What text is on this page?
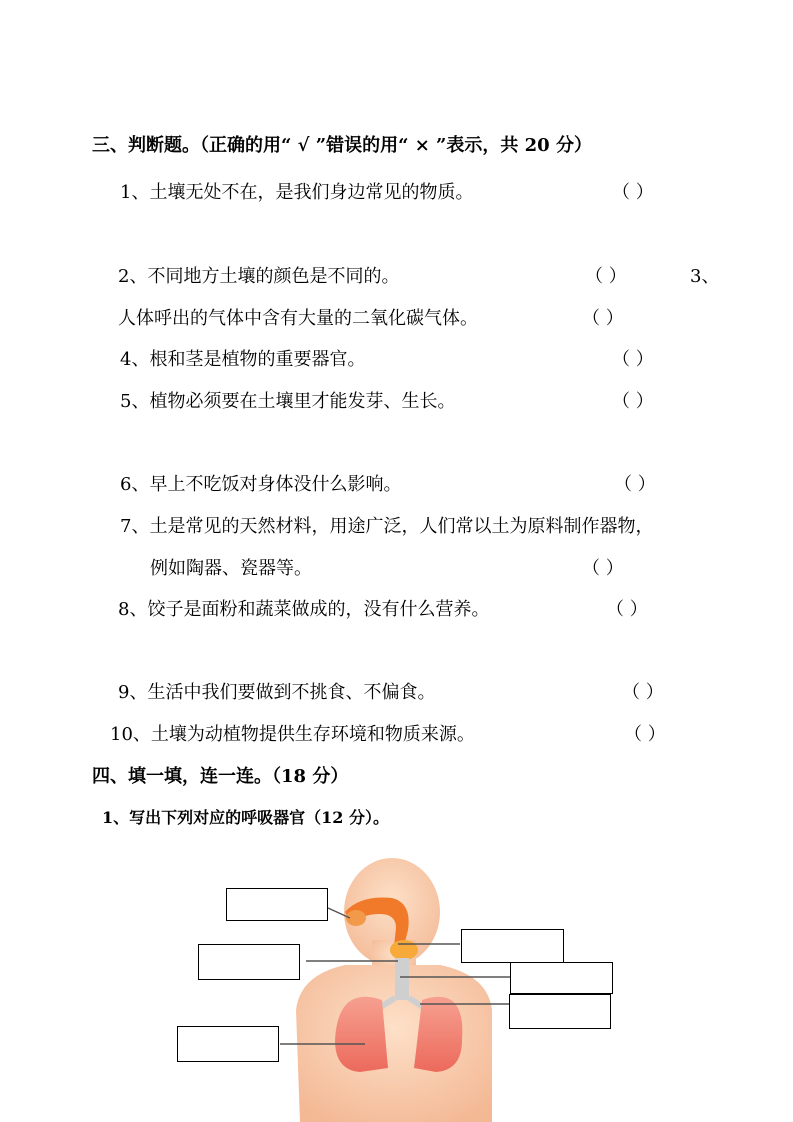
三、判断题。（正确的用“ √ ”错误的用“ × ”表示，共 20 分）
1、土壤无处不在，是我们身边常见的物质。	（ ）
2、不同地方土壤的颜色是不同的。	（ ）	3、
人体呼出的气体中含有大量的二氧化碳气体。	（ ）
4、根和茎是植物的重要器官。	（ ）
5、植物必须要在土壤里才能发芽、生长。	（ ）
6、早上不吃饭对身体没什么影响。	（ ）
7、土是常见的天然材料，用途广泛，人们常以土为原料制作器物，
例如陶器、瓷器等。	（ ）
8、饺子是面粉和蔬菜做成的，没有什么营养。	（ ）
9、生活中我们要做到不挑食、不偏食。	（ ）
10、土壤为动植物提供生存环境和物质来源。	（ ）
四、填一填，连一连。（18 分）
1、写出下列对应的呼吸器官（12 分）。
